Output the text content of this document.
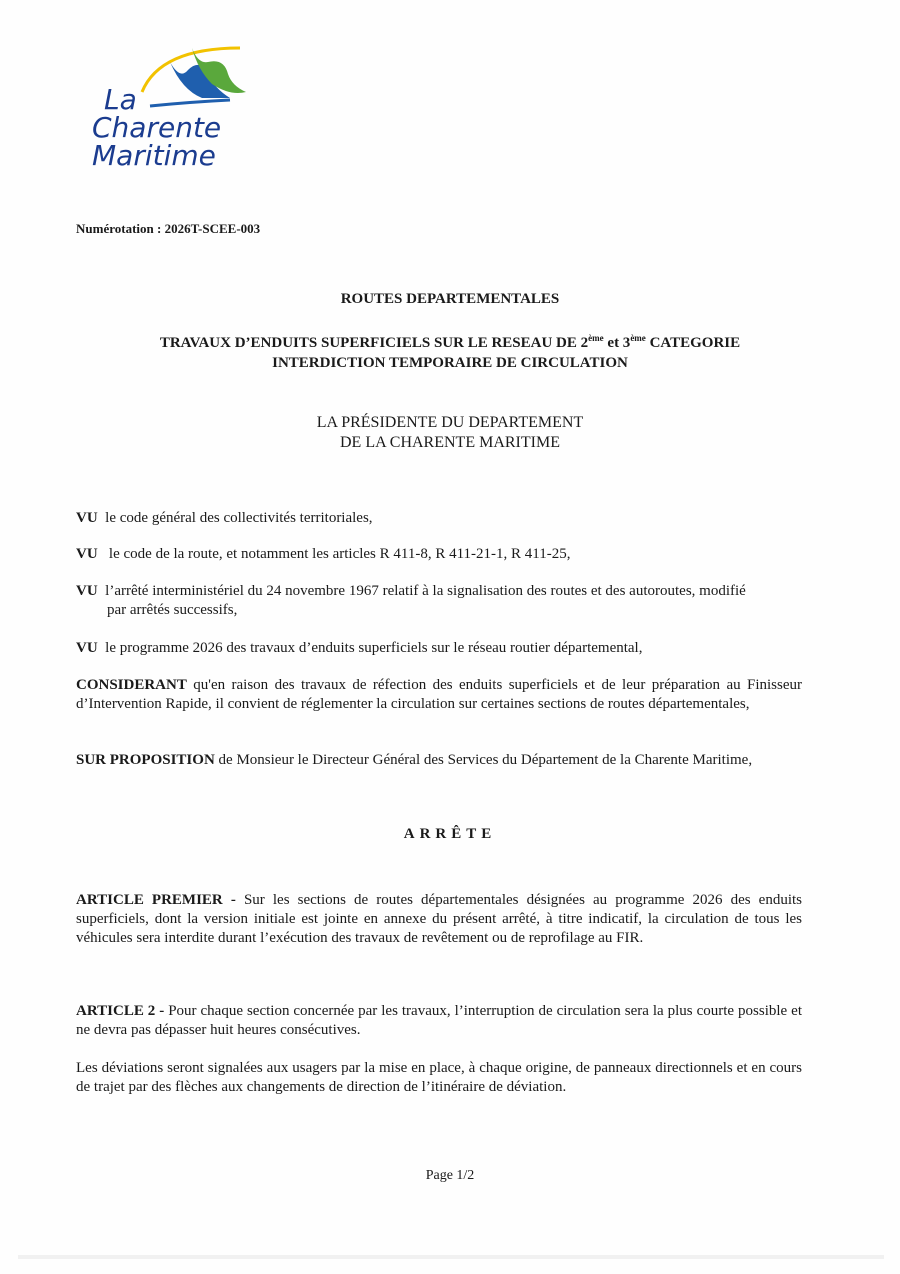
La
Charente
Maritime
Numérotation : 2026T-SCEE-003
ROUTES DEPARTEMENTALES
TRAVAUX D’ENDUITS SUPERFICIELS SUR LE RESEAU DE 2ème et 3ème CATEGORIE
INTERDICTION TEMPORAIRE DE CIRCULATION
LA PRÉSIDENTE DU DEPARTEMENT
DE LA CHARENTE MARITIME
VU le code général des collectivités territoriales,
VU le code de la route, et notamment les articles R 411-8, R 411-21-1, R 411-25,
VU l’arrêté interministériel du 24 novembre 1967 relatif à la signalisation des routes et des autoroutes, modifié
par arrêtés successifs,
VU le programme 2026 des travaux d’enduits superficiels sur le réseau routier départemental,
CONSIDERANT qu'en raison des travaux de réfection des enduits superficiels et de leur préparation au Finisseur d’Intervention Rapide, il convient de réglementer la circulation sur certaines sections de routes départementales,
SUR PROPOSITION de Monsieur le Directeur Général des Services du Département de la Charente Maritime,
ARRÊTE
ARTICLE PREMIER - Sur les sections de routes départementales désignées au programme 2026 des enduits superficiels, dont la version initiale est jointe en annexe du présent arrêté, à titre indicatif, la circulation de tous les véhicules sera interdite durant l’exécution des travaux de revêtement ou de reprofilage au FIR.
ARTICLE 2 - Pour chaque section concernée par les travaux, l’interruption de circulation sera la plus courte possible et ne devra pas dépasser huit heures consécutives.
Les déviations seront signalées aux usagers par la mise en place, à chaque origine, de panneaux directionnels et en cours de trajet par des flèches aux changements de direction de l’itinéraire de déviation.
Page 1/2
